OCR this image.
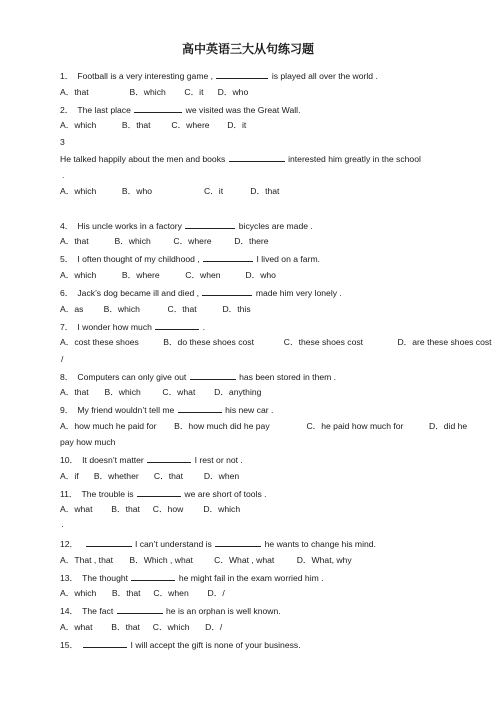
高中英语三大从句练习题
1． Football is a very interesting game ,	is played all over the world .
A．that	B．which C．it D．who
2． The last place	we visited was the Great Wall.
A．which	B．that C．where D．it
3
He talked happily about the men and books	interested him greatly in the school
.
A．which	B．who	C．it	D．that
4． His uncle works in a factory	bicycles are made .
A．that	B．which	C．where	D．there
5． I often thought of my childhood ,	I lived on a farm.
A．which	B．where	C．when	D．who
6． Jack’s dog became ill and died ,	made him very lonely .
A．as B．which	C．that	D．this
7． I wonder how much	.
A．cost these shoes	B．do these shoes cost	C．these shoes cost	D．are these shoes cost
/
8． Computers can only give out	has been stored in them .
A．that B．which	C．what D．anything
9． My friend wouldn’t tell me	his new car .
A．how much he paid for B．how much did he pay	C．he paid how much for	D．did he
pay how much
10． It doesn’t matter	I rest or not .
A．if B．whether C．that D．when
11． The trouble is	we are short of tools .
A．what B．that C．how D．which
·
12．	I can’t understand is	he wants to change his mind.
A．That , that B．Which , what C．What , what	D．What, why
13． The thought	he might fail in the exam worried him .
A．which B．that C．when D．/
14． The fact	he is an orphan is well known.
A．what B．that C．which D．/
15．	I will accept the gift is none of your business.
